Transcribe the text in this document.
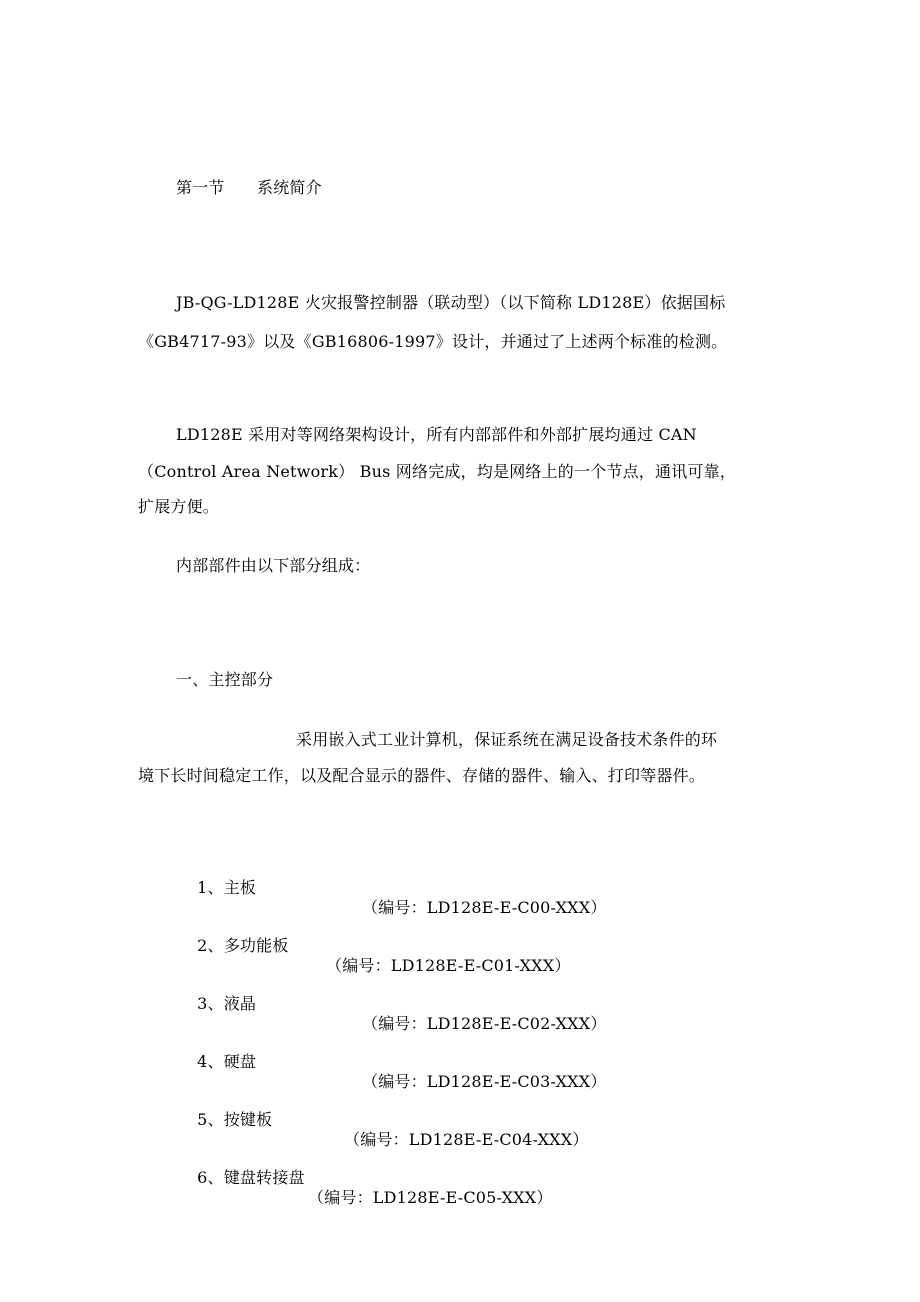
第一节　　系统简介
JB-QG-LD128E 火灾报警控制器（联动型）（以下简称 LD128E）依据国标
《GB4717-93》以及《GB16806-1997》设计，并通过了上述两个标准的检测。
LD128E 采用对等网络架构设计，所有内部部件和外部扩展均通过 CAN
（Control Area Network） Bus 网络完成，均是网络上的一个节点，通讯可靠，
扩展方便。
内部部件由以下部分组成：
一、主控部分
采用嵌入式工业计算机，保证系统在满足设备技术条件的环
境下长时间稳定工作，以及配合显示的器件、存储的器件、输入、打印等器件。

1、主板

（编号：LD128E-E-C00-XXX）

2、多功能板

（编号：LD128E-E-C01-XXX）

3、液晶

（编号：LD128E-E-C02-XXX）

4、硬盘

（编号：LD128E-E-C03-XXX）

5、按键板

（编号：LD128E-E-C04-XXX）

6、键盘转接盘

（编号：LD128E-E-C05-XXX）
